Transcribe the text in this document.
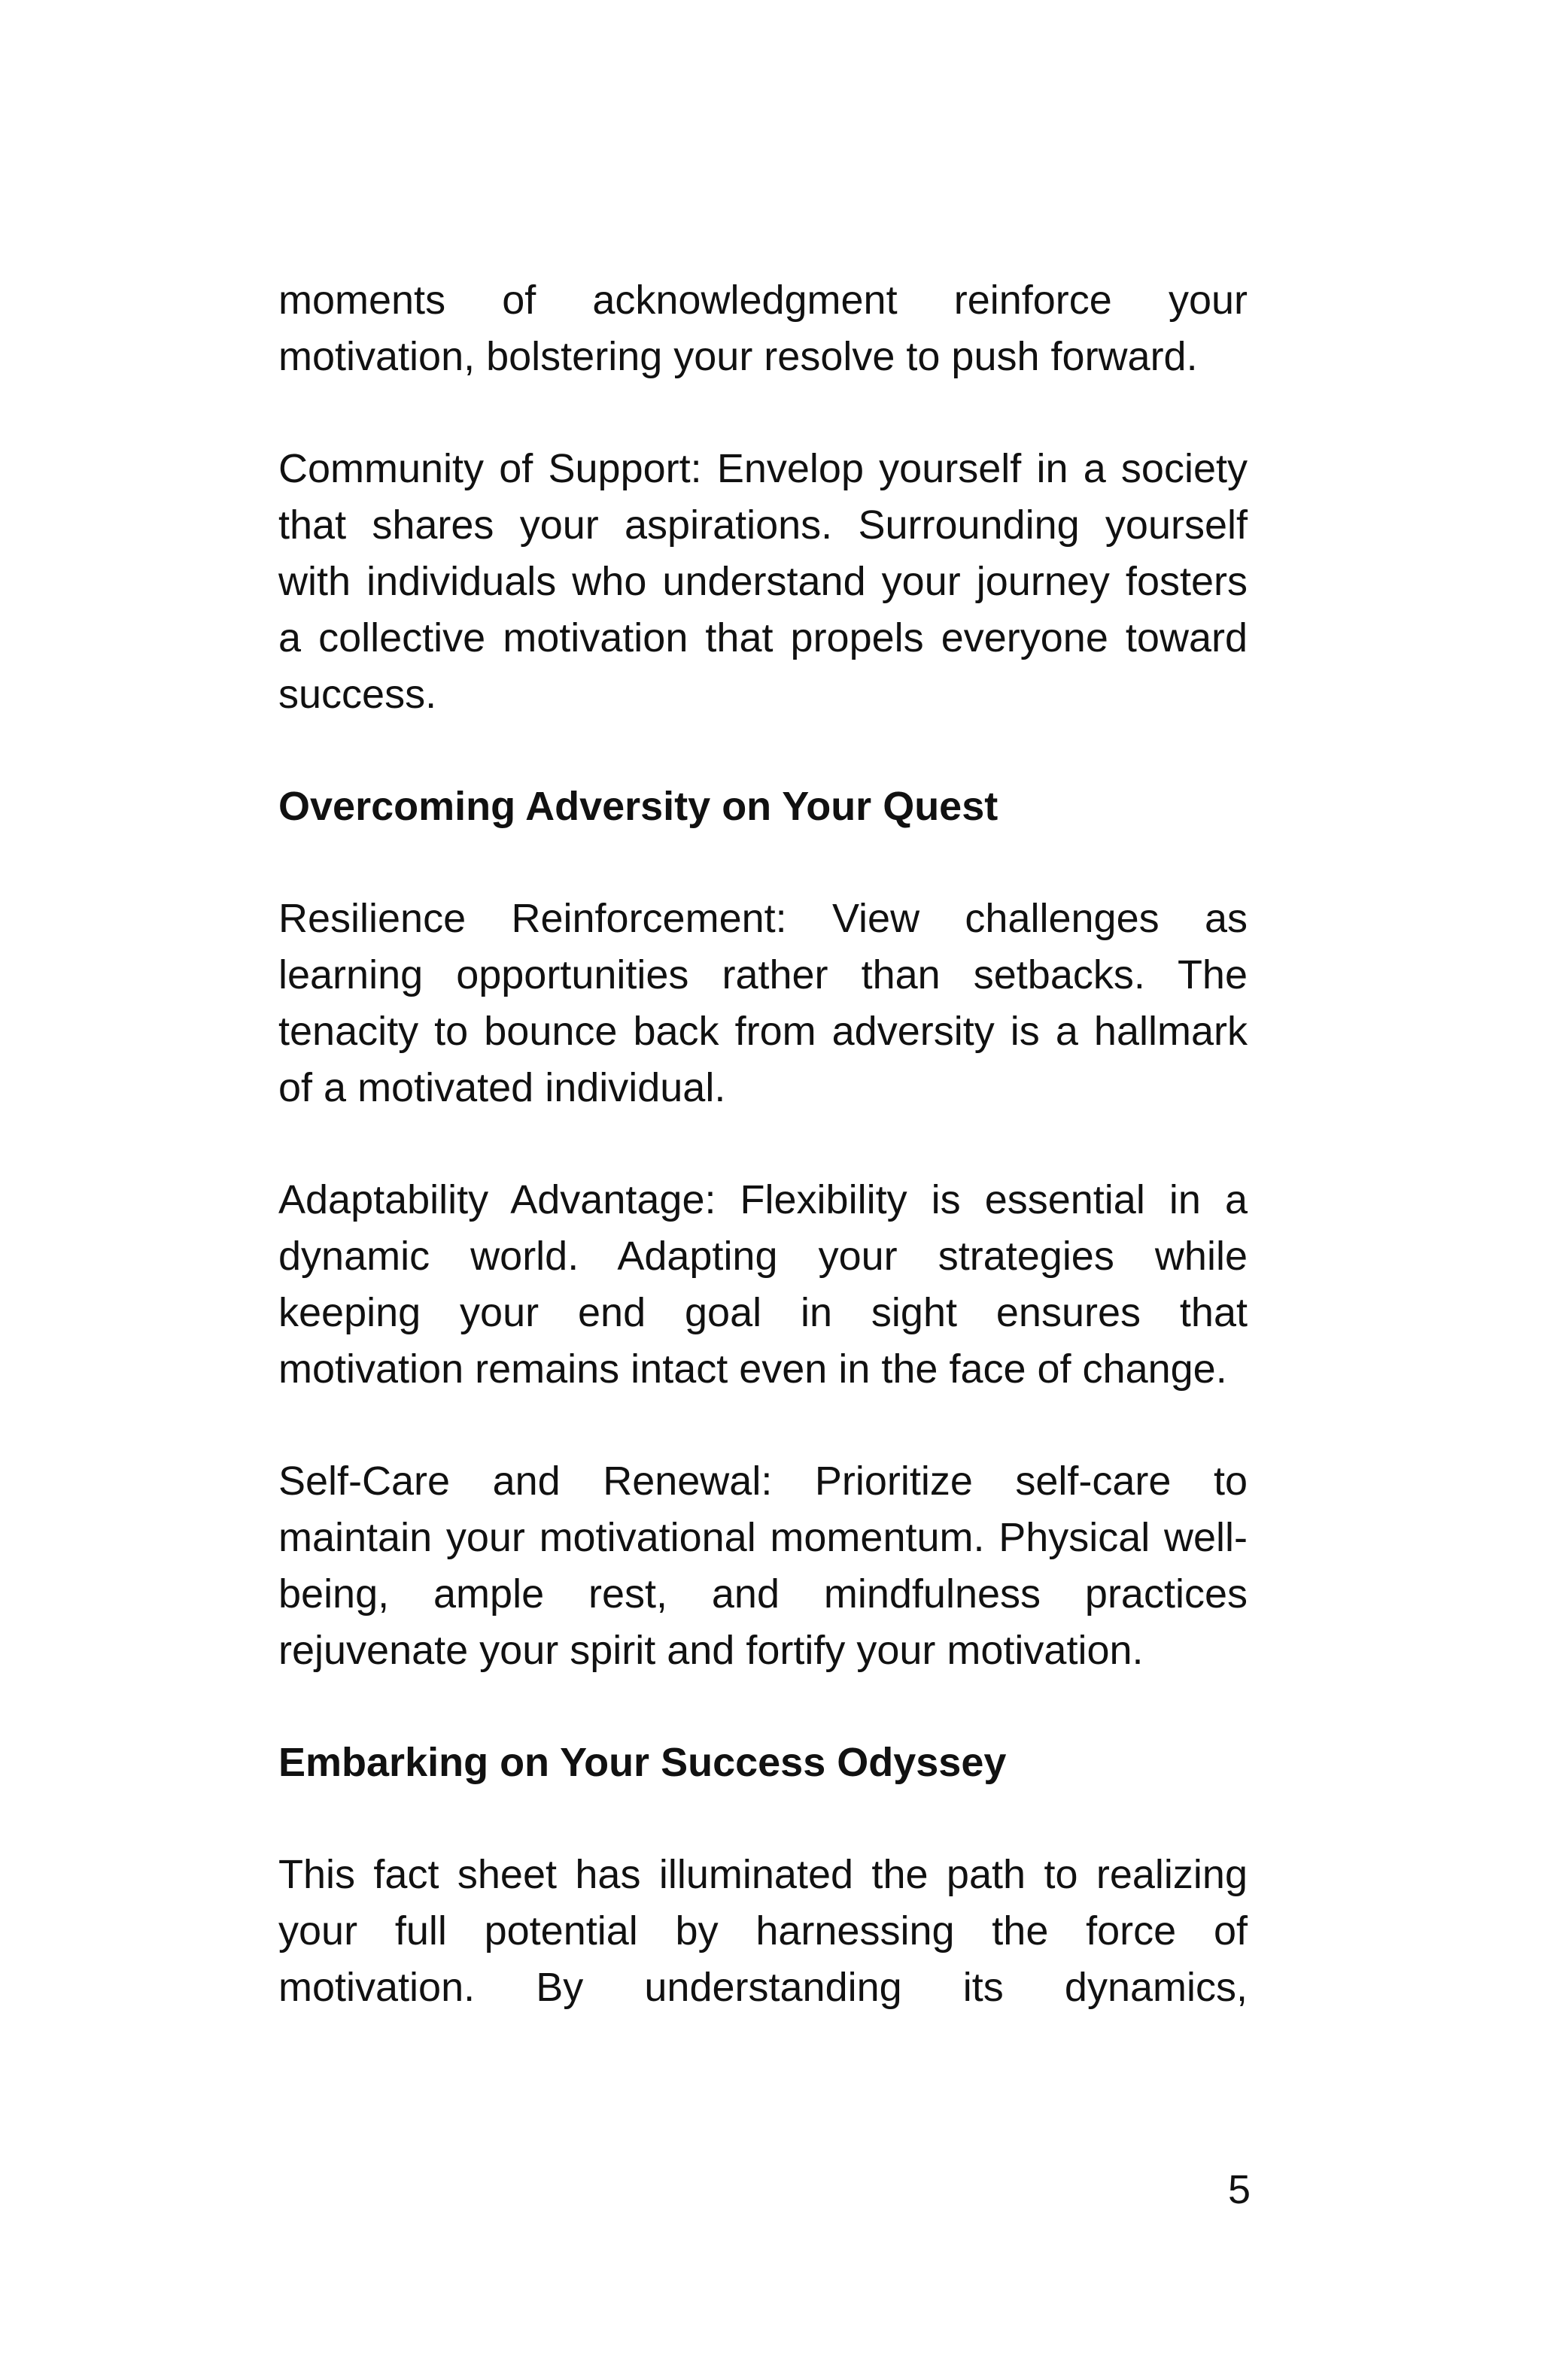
moments of acknowledgment reinforce your motivation, bolstering your resolve to push forward.

Community of Support: Envelop yourself in a society that shares your aspirations. Surrounding yourself with individuals who understand your journey fosters a collective motivation that propels everyone toward success.

Overcoming Adversity on Your Quest

Resilience Reinforcement: View challenges as learning opportunities rather than setbacks. The tenacity to bounce back from adversity is a hallmark of a motivated individual.

Adaptability Advantage: Flexibility is essential in a dynamic world. Adapting your strategies while keeping your end goal in sight ensures that motivation remains intact even in the face of change.

Self-Care and Renewal: Prioritize self-care to maintain your motivational momentum. Physical well-being, ample rest, and mindfulness practices rejuvenate your spirit and fortify your motivation.

Embarking on Your Success Odyssey

This fact sheet has illuminated the path to realizing your full potential by harnessing the force of motivation. By understanding its dynamics,

5
